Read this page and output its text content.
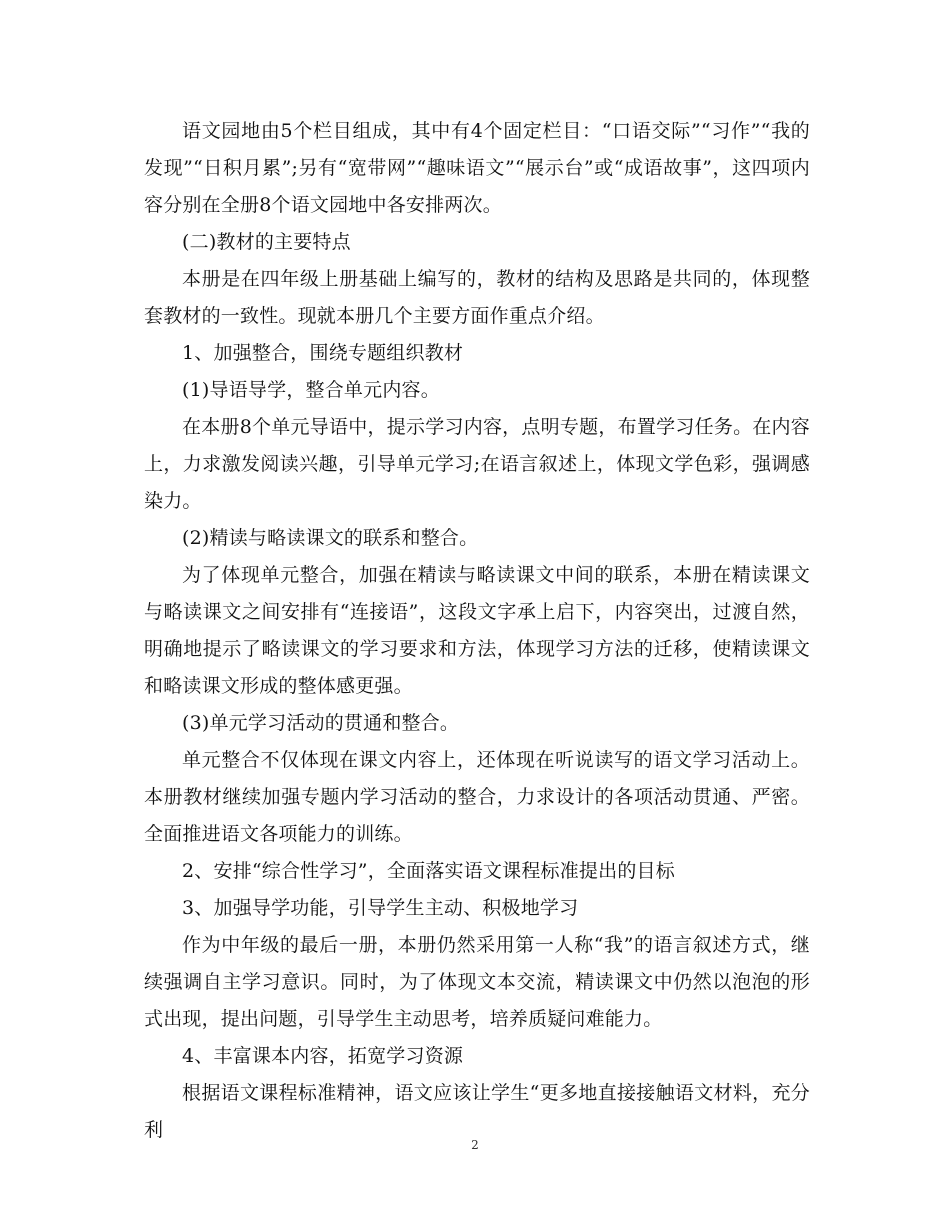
语文园地由5个栏目组成，其中有4个固定栏目：“口语交际”“习作”“我的发现”“日积月累”;另有“宽带网”“趣味语文”“展示台”或“成语故事”，这四项内容分别在全册8个语文园地中各安排两次。

(二)教材的主要特点

本册是在四年级上册基础上编写的，教材的结构及思路是共同的，体现整套教材的一致性。现就本册几个主要方面作重点介绍。

1、加强整合，围绕专题组织教材

(1)导语导学，整合单元内容。

在本册8个单元导语中，提示学习内容，点明专题，布置学习任务。在内容上，力求激发阅读兴趣，引导单元学习;在语言叙述上，体现文学色彩，强调感染力。

(2)精读与略读课文的联系和整合。

为了体现单元整合，加强在精读与略读课文中间的联系，本册在精读课文与略读课文之间安排有“连接语”，这段文字承上启下，内容突出，过渡自然，明确地提示了略读课文的学习要求和方法，体现学习方法的迁移，使精读课文和略读课文形成的整体感更强。

(3)单元学习活动的贯通和整合。

单元整合不仅体现在课文内容上，还体现在听说读写的语文学习活动上。本册教材继续加强专题内学习活动的整合，力求设计的各项活动贯通、严密。全面推进语文各项能力的训练。

2、安排“综合性学习”，全面落实语文课程标准提出的目标

3、加强导学功能，引导学生主动、积极地学习

作为中年级的最后一册，本册仍然采用第一人称“我”的语言叙述方式，继续强调自主学习意识。同时，为了体现文本交流，精读课文中仍然以泡泡的形式出现，提出问题，引导学生主动思考，培养质疑问难能力。

4、丰富课本内容，拓宽学习资源

根据语文课程标准精神，语文应该让学生“更多地直接接触语文材料，充分利

2
